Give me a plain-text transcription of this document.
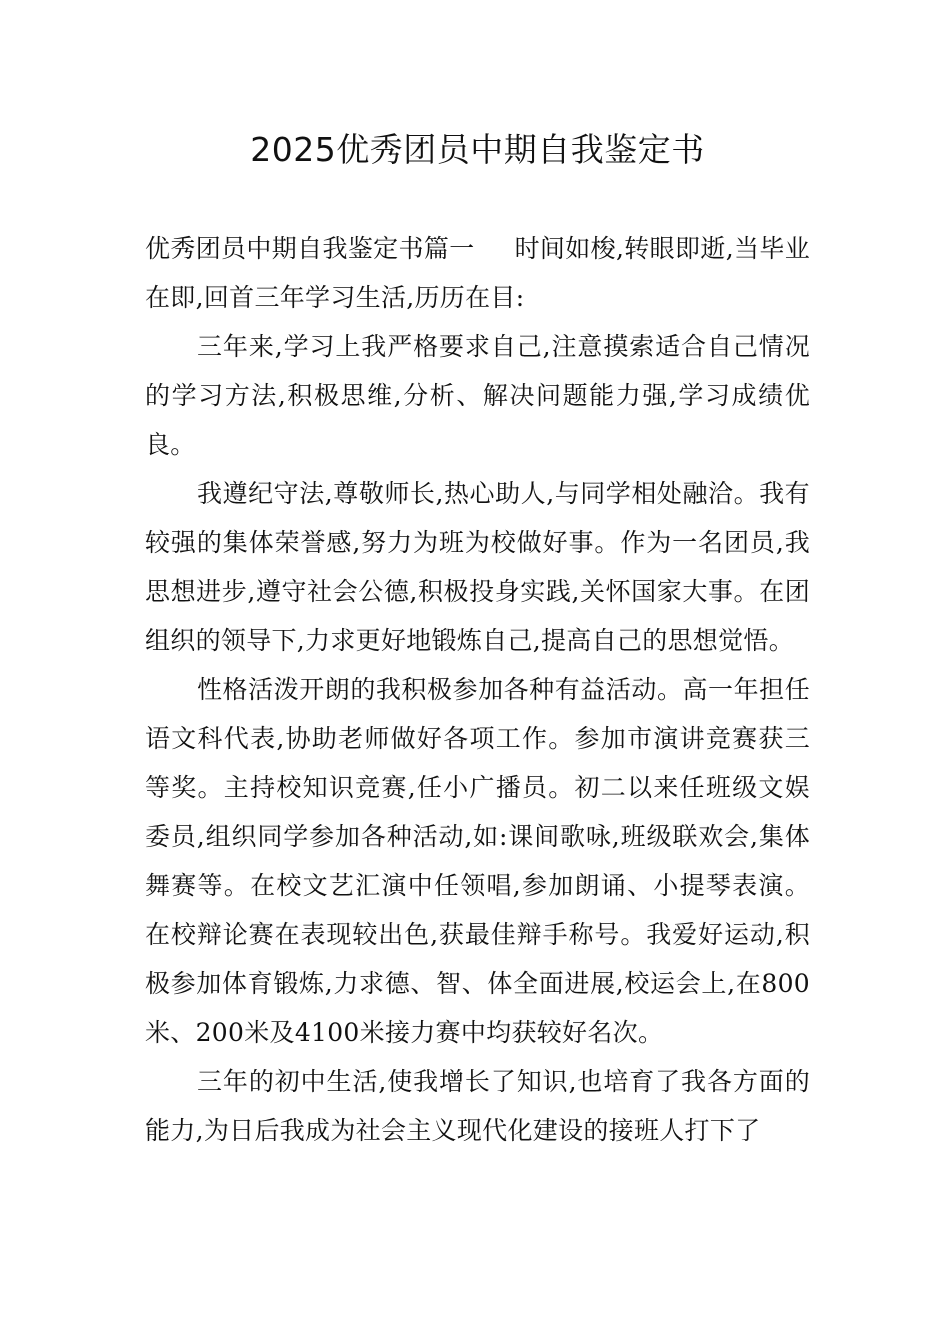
2025优秀团员中期自我鉴定书

优秀团员中期自我鉴定书篇一 时间如梭,转眼即逝,当毕业在即,回首三年学习生活,历历在目:

三年来,学习上我严格要求自己,注意摸索适合自己情况的学习方法,积极思维,分析、解决问题能力强,学习成绩优良。

我遵纪守法,尊敬师长,热心助人,与同学相处融洽。我有较强的集体荣誉感,努力为班为校做好事。作为一名团员,我思想进步,遵守社会公德,积极投身实践,关怀国家大事。在团组织的领导下,力求更好地锻炼自己,提高自己的思想觉悟。

性格活泼开朗的我积极参加各种有益活动。高一年担任语文科代表,协助老师做好各项工作。参加市演讲竞赛获三等奖。主持校知识竞赛,任小广播员。初二以来任班级文娱委员,组织同学参加各种活动,如:课间歌咏,班级联欢会,集体舞赛等。在校文艺汇演中任领唱,参加朗诵、小提琴表演。在校辩论赛在表现较出色,获最佳辩手称号。我爱好运动,积极参加体育锻炼,力求德、智、体全面进展,校运会上,在800米、200米及4100米接力赛中均获较好名次。

三年的初中生活,使我增长了知识,也培育了我各方面的能力,为日后我成为社会主义现代化建设的接班人打下了
